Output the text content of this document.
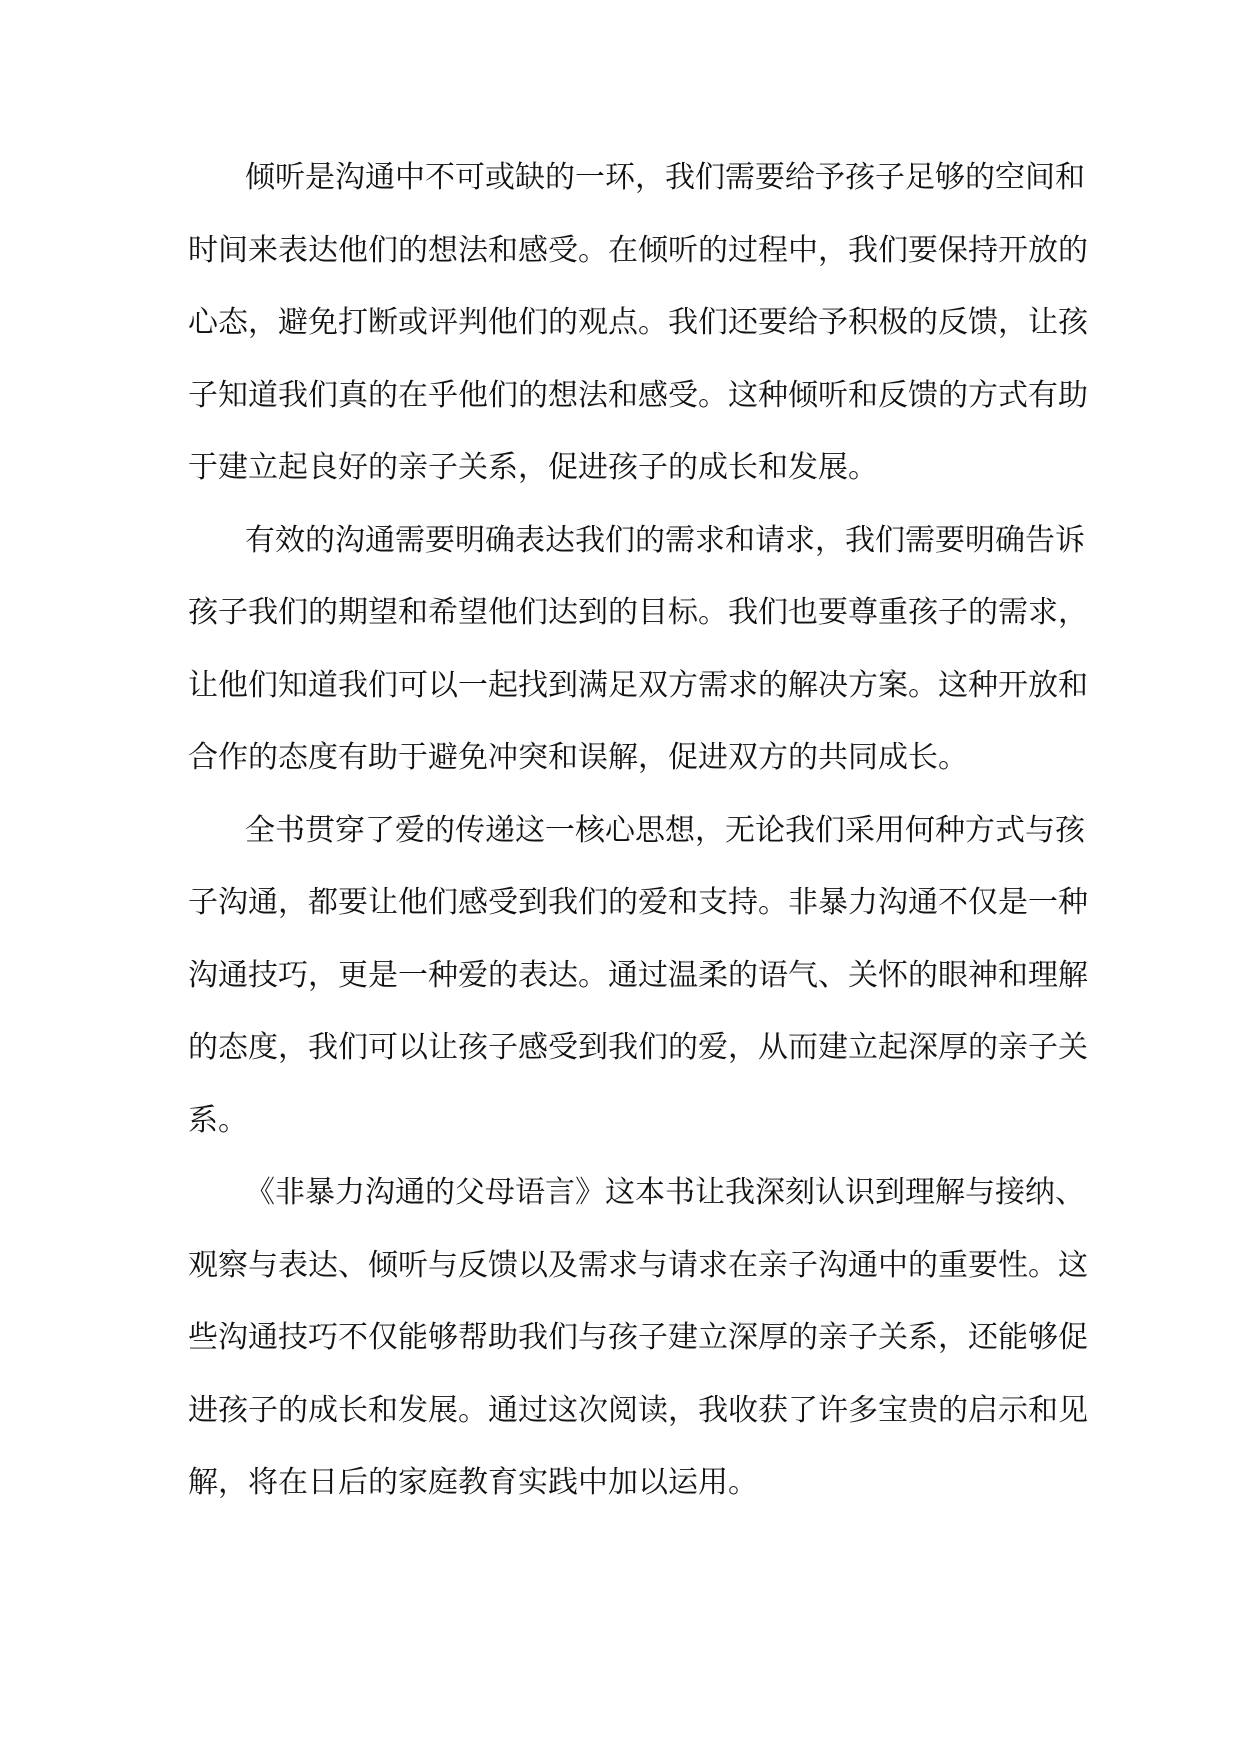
倾听是沟通中不可或缺的一环，我们需要给予孩子足够的空间和
时间来表达他们的想法和感受。在倾听的过程中，我们要保持开放的
心态，避免打断或评判他们的观点。我们还要给予积极的反馈，让孩
子知道我们真的在乎他们的想法和感受。这种倾听和反馈的方式有助
于建立起良好的亲子关系，促进孩子的成长和发展。

有效的沟通需要明确表达我们的需求和请求，我们需要明确告诉
孩子我们的期望和希望他们达到的目标。我们也要尊重孩子的需求，
让他们知道我们可以一起找到满足双方需求的解决方案。这种开放和
合作的态度有助于避免冲突和误解，促进双方的共同成长。

全书贯穿了爱的传递这一核心思想，无论我们采用何种方式与孩
子沟通，都要让他们感受到我们的爱和支持。非暴力沟通不仅是一种
沟通技巧，更是一种爱的表达。通过温柔的语气、关怀的眼神和理解
的态度，我们可以让孩子感受到我们的爱，从而建立起深厚的亲子关
系。

《非暴力沟通的父母语言》这本书让我深刻认识到理解与接纳、
观察与表达、倾听与反馈以及需求与请求在亲子沟通中的重要性。这
些沟通技巧不仅能够帮助我们与孩子建立深厚的亲子关系，还能够促
进孩子的成长和发展。通过这次阅读，我收获了许多宝贵的启示和见
解，将在日后的家庭教育实践中加以运用。
